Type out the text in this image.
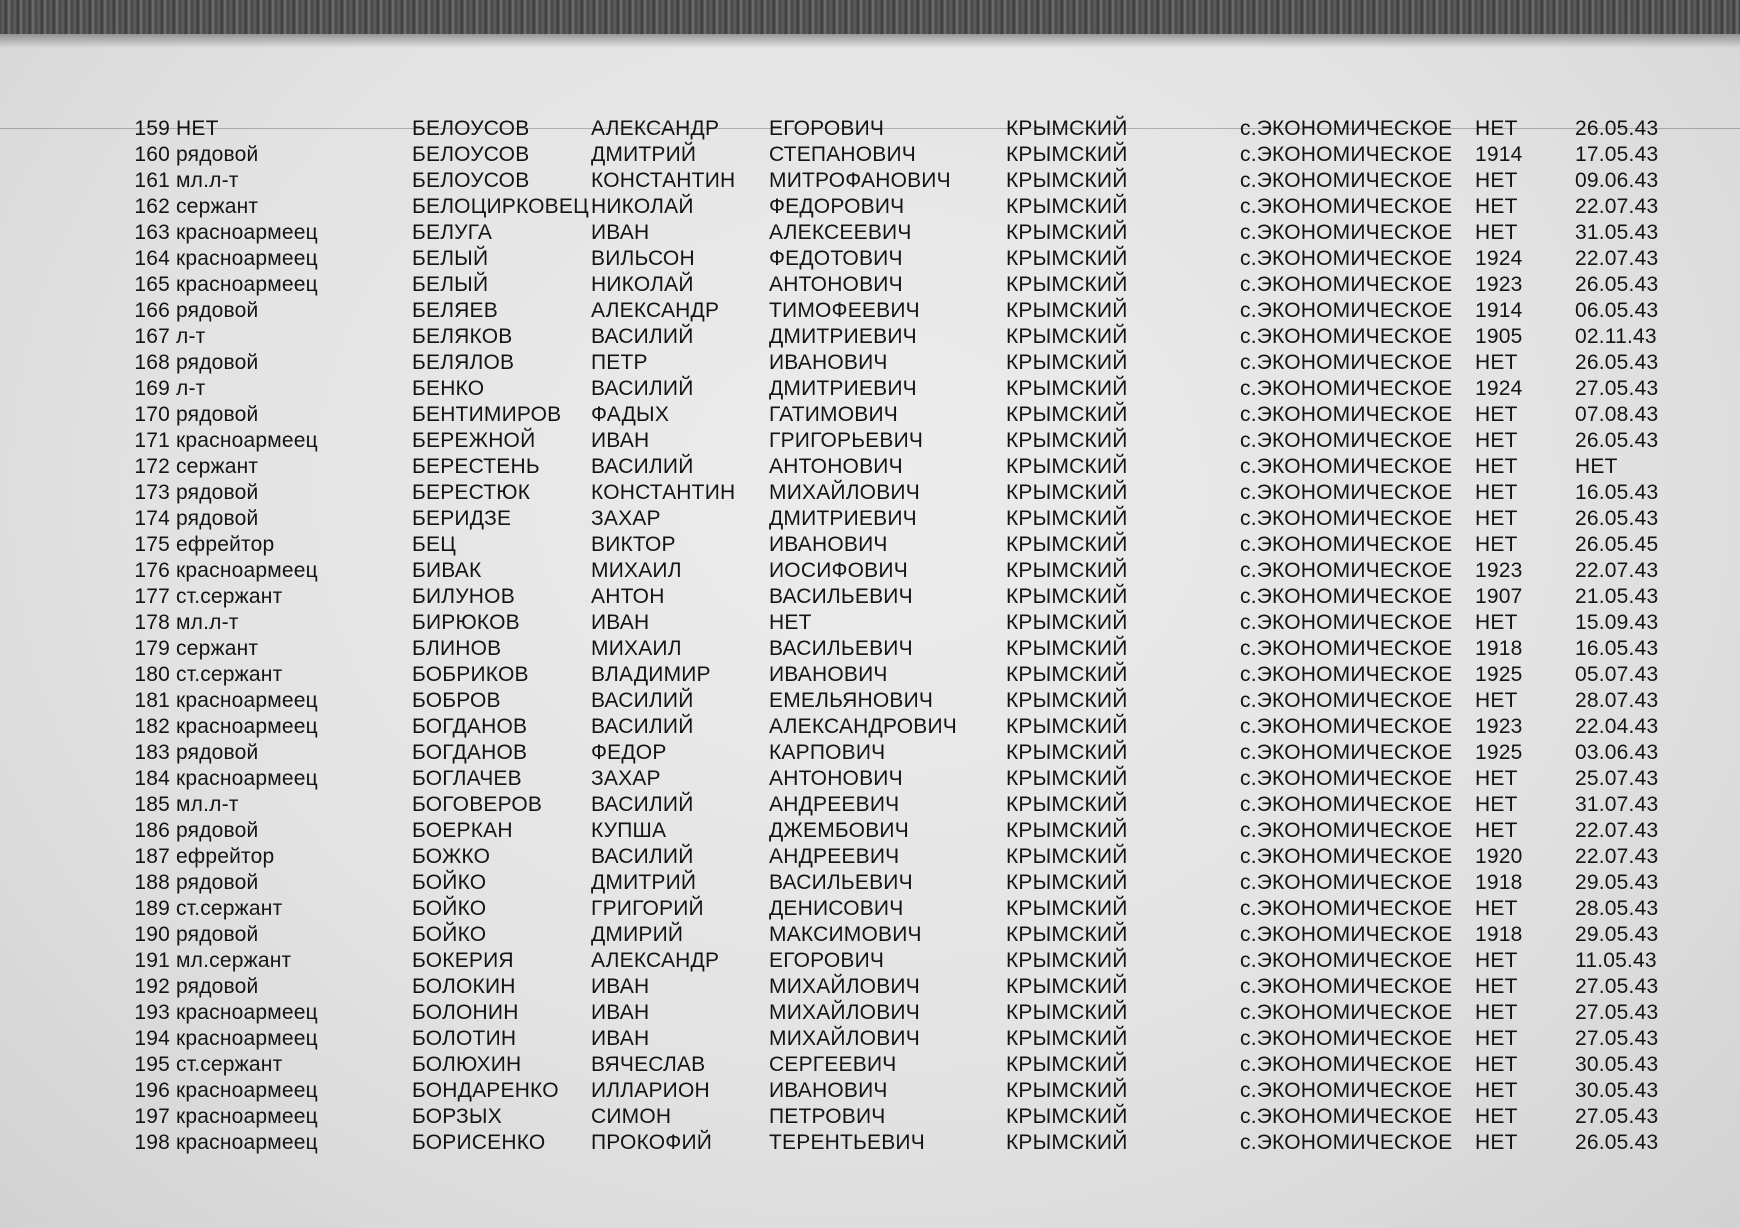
159 НЕТ	БЕЛОУСОВ	АЛЕКСАНДР ЕГОРОВИЧ	КРЫМСКИЙ	с.ЭКОНОМИЧЕСКОЕ НЕТ	26.05.43
160 рядовой	БЕЛОУСОВ	ДМИТРИЙ	СТЕПАНОВИЧ	КРЫМСКИЙ	с.ЭКОНОМИЧЕСКОЕ 1914 17.05.43
161 мл.л-т	БЕЛОУСОВ	КОНСТАНТИН МИТРОФАНОВИЧ	КРЫМСКИЙ	с.ЭКОНОМИЧЕСКОЕ НЕТ	09.06.43
162 сержант	БЕЛОЦИРКОВЕЦ НИКОЛАЙ	ФЕДОРОВИЧ	КРЫМСКИЙ	с.ЭКОНОМИЧЕСКОЕ НЕТ	22.07.43
163 красноармеец	БЕЛУГА	ИВАН	АЛЕКСЕЕВИЧ	КРЫМСКИЙ	с.ЭКОНОМИЧЕСКОЕ НЕТ	31.05.43
164 красноармеец	БЕЛЫЙ	ВИЛЬСОН	ФЕДОТОВИЧ	КРЫМСКИЙ	с.ЭКОНОМИЧЕСКОЕ 1924 22.07.43
165 красноармеец	БЕЛЫЙ	НИКОЛАЙ	АНТОНОВИЧ	КРЫМСКИЙ	с.ЭКОНОМИЧЕСКОЕ 1923 26.05.43
166 рядовой	БЕЛЯЕВ	АЛЕКСАНДР ТИМОФЕЕВИЧ	КРЫМСКИЙ	с.ЭКОНОМИЧЕСКОЕ 1914 06.05.43
167 л-т	БЕЛЯКОВ	ВАСИЛИЙ	ДМИТРИЕВИЧ	КРЫМСКИЙ	с.ЭКОНОМИЧЕСКОЕ 1905 02.11.43
168 рядовой	БЕЛЯЛОВ	ПЕТР	ИВАНОВИЧ	КРЫМСКИЙ	с.ЭКОНОМИЧЕСКОЕ НЕТ	26.05.43
169 л-т	БЕНКО	ВАСИЛИЙ	ДМИТРИЕВИЧ	КРЫМСКИЙ	с.ЭКОНОМИЧЕСКОЕ 1924 27.05.43
170 рядовой	БЕНТИМИРОВ ФАДЫХ	ГАТИМОВИЧ	КРЫМСКИЙ	с.ЭКОНОМИЧЕСКОЕ НЕТ	07.08.43
171 красноармеец	БЕРЕЖНОЙ	ИВАН	ГРИГОРЬЕВИЧ	КРЫМСКИЙ	с.ЭКОНОМИЧЕСКОЕ НЕТ	26.05.43
172 сержант	БЕРЕСТЕНЬ ВАСИЛИЙ	АНТОНОВИЧ	КРЫМСКИЙ	с.ЭКОНОМИЧЕСКОЕ НЕТ	НЕТ
173 рядовой	БЕРЕСТЮК	КОНСТАНТИН МИХАЙЛОВИЧ	КРЫМСКИЙ	с.ЭКОНОМИЧЕСКОЕ НЕТ	16.05.43
174 рядовой	БЕРИДЗЕ	ЗАХАР	ДМИТРИЕВИЧ	КРЫМСКИЙ	с.ЭКОНОМИЧЕСКОЕ НЕТ	26.05.43
175 ефрейтор	БЕЦ	ВИКТОР	ИВАНОВИЧ	КРЫМСКИЙ	с.ЭКОНОМИЧЕСКОЕ НЕТ	26.05.45
176 красноармеец	БИВАК	МИХАИЛ	ИОСИФОВИЧ	КРЫМСКИЙ	с.ЭКОНОМИЧЕСКОЕ 1923 22.07.43
177 ст.сержант	БИЛУНОВ	АНТОН	ВАСИЛЬЕВИЧ	КРЫМСКИЙ	с.ЭКОНОМИЧЕСКОЕ 1907 21.05.43
178 мл.л-т	БИРЮКОВ	ИВАН	НЕТ	КРЫМСКИЙ	с.ЭКОНОМИЧЕСКОЕ НЕТ	15.09.43
179 сержант	БЛИНОВ	МИХАИЛ	ВАСИЛЬЕВИЧ	КРЫМСКИЙ	с.ЭКОНОМИЧЕСКОЕ 1918 16.05.43
180 ст.сержант	БОБРИКОВ	ВЛАДИМИР	ИВАНОВИЧ	КРЫМСКИЙ	с.ЭКОНОМИЧЕСКОЕ 1925 05.07.43
181 красноармеец	БОБРОВ	ВАСИЛИЙ	ЕМЕЛЬЯНОВИЧ	КРЫМСКИЙ	с.ЭКОНОМИЧЕСКОЕ НЕТ	28.07.43
182 красноармеец	БОГДАНОВ	ВАСИЛИЙ	АЛЕКСАНДРОВИЧ КРЫМСКИЙ	с.ЭКОНОМИЧЕСКОЕ 1923 22.04.43
183 рядовой	БОГДАНОВ	ФЕДОР	КАРПОВИЧ	КРЫМСКИЙ	с.ЭКОНОМИЧЕСКОЕ 1925 03.06.43
184 красноармеец	БОГЛАЧЕВ	ЗАХАР	АНТОНОВИЧ	КРЫМСКИЙ	с.ЭКОНОМИЧЕСКОЕ НЕТ	25.07.43
185 мл.л-т	БОГОВЕРОВ ВАСИЛИЙ	АНДРЕЕВИЧ	КРЫМСКИЙ	с.ЭКОНОМИЧЕСКОЕ НЕТ	31.07.43
186 рядовой	БОЕРКАН	КУПША	ДЖЕМБОВИЧ	КРЫМСКИЙ	с.ЭКОНОМИЧЕСКОЕ НЕТ	22.07.43
187 ефрейтор	БОЖКО	ВАСИЛИЙ	АНДРЕЕВИЧ	КРЫМСКИЙ	с.ЭКОНОМИЧЕСКОЕ 1920 22.07.43
188 рядовой	БОЙКО	ДМИТРИЙ	ВАСИЛЬЕВИЧ	КРЫМСКИЙ	с.ЭКОНОМИЧЕСКОЕ 1918 29.05.43
189 ст.сержант	БОЙКО	ГРИГОРИЙ	ДЕНИСОВИЧ	КРЫМСКИЙ	с.ЭКОНОМИЧЕСКОЕ НЕТ	28.05.43
190 рядовой	БОЙКО	ДМИРИЙ	МАКСИМОВИЧ	КРЫМСКИЙ	с.ЭКОНОМИЧЕСКОЕ 1918 29.05.43
191 мл.сержант	БОКЕРИЯ	АЛЕКСАНДР ЕГОРОВИЧ	КРЫМСКИЙ	с.ЭКОНОМИЧЕСКОЕ НЕТ	11.05.43
192 рядовой	БОЛОКИН	ИВАН	МИХАЙЛОВИЧ	КРЫМСКИЙ	с.ЭКОНОМИЧЕСКОЕ НЕТ	27.05.43
193 красноармеец	БОЛОНИН	ИВАН	МИХАЙЛОВИЧ	КРЫМСКИЙ	с.ЭКОНОМИЧЕСКОЕ НЕТ	27.05.43
194 красноармеец	БОЛОТИН	ИВАН	МИХАЙЛОВИЧ	КРЫМСКИЙ	с.ЭКОНОМИЧЕСКОЕ НЕТ	27.05.43
195 ст.сержант	БОЛЮХИН	ВЯЧЕСЛАВ	СЕРГЕЕВИЧ	КРЫМСКИЙ	с.ЭКОНОМИЧЕСКОЕ НЕТ	30.05.43
196 красноармеец	БОНДАРЕНКО ИЛЛАРИОН	ИВАНОВИЧ	КРЫМСКИЙ	с.ЭКОНОМИЧЕСКОЕ НЕТ	30.05.43
197 красноармеец	БОРЗЫХ	СИМОН	ПЕТРОВИЧ	КРЫМСКИЙ	с.ЭКОНОМИЧЕСКОЕ НЕТ	27.05.43
198 красноармеец	БОРИСЕНКО ПРОКОФИЙ	ТЕРЕНТЬЕВИЧ	КРЫМСКИЙ	с.ЭКОНОМИЧЕСКОЕ НЕТ	26.05.43
